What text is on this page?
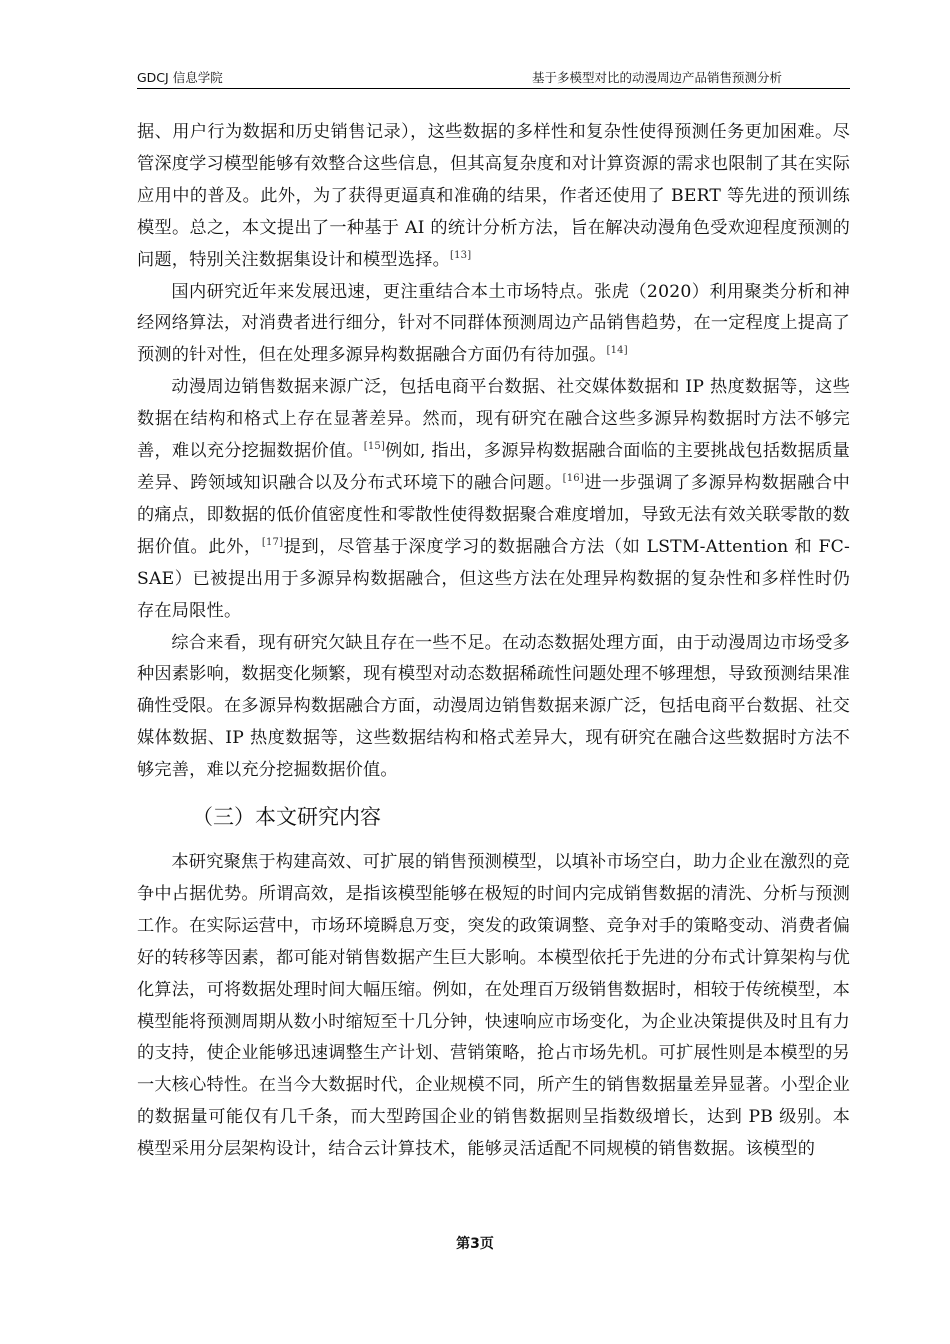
GDCJ 信息学院	基于多模型对比的动漫周边产品销售预测分析

据、用户行为数据和历史销售记录），这些数据的多样性和复杂性使得预测任务更加困难。尽管深度学习模型能够有效整合这些信息，但其高复杂度和对计算资源的需求也限制了其在实际应用中的普及。此外，为了获得更逼真和准确的结果，作者还使用了 BERT 等先进的预训练模型。总之，本文提出了一种基于 AI 的统计分析方法，旨在解决动漫角色受欢迎程度预测的问题，特别关注数据集设计和模型选择。[13]

国内研究近年来发展迅速，更注重结合本土市场特点。张虎（2020）利用聚类分析和神经网络算法，对消费者进行细分，针对不同群体预测周边产品销售趋势，在一定程度上提高了预测的针对性，但在处理多源异构数据融合方面仍有待加强。[14]

动漫周边销售数据来源广泛，包括电商平台数据、社交媒体数据和 IP 热度数据等，这些数据在结构和格式上存在显著差异。然而，现有研究在融合这些多源异构数据时方法不够完善，难以充分挖掘数据价值。[15]例如, 指出，多源异构数据融合面临的主要挑战包括数据质量差异、跨领域知识融合以及分布式环境下的融合问题。[16]进一步强调了多源异构数据融合中的痛点，即数据的低价值密度性和零散性使得数据聚合难度增加，导致无法有效关联零散的数据价值。此外，[17]提到，尽管基于深度学习的数据融合方法（如 LSTM-Attention 和 FC-SAE）已被提出用于多源异构数据融合，但这些方法在处理异构数据的复杂性和多样性时仍存在局限性。

综合来看，现有研究欠缺且存在一些不足。在动态数据处理方面，由于动漫周边市场受多种因素影响，数据变化频繁，现有模型对动态数据稀疏性问题处理不够理想，导致预测结果准确性受限。在多源异构数据融合方面，动漫周边销售数据来源广泛，包括电商平台数据、社交媒体数据、IP 热度数据等，这些数据结构和格式差异大，现有研究在融合这些数据时方法不够完善，难以充分挖掘数据价值。

（三）本文研究内容

本研究聚焦于构建高效、可扩展的销售预测模型，以填补市场空白，助力企业在激烈的竞争中占据优势。所谓高效，是指该模型能够在极短的时间内完成销售数据的清洗、分析与预测工作。在实际运营中，市场环境瞬息万变，突发的政策调整、竞争对手的策略变动、消费者偏好的转移等因素，都可能对销售数据产生巨大影响。本模型依托于先进的分布式计算架构与优化算法，可将数据处理时间大幅压缩。例如，在处理百万级销售数据时，相较于传统模型，本模型能将预测周期从数小时缩短至十几分钟，快速响应市场变化，为企业决策提供及时且有力的支持，使企业能够迅速调整生产计划、营销策略，抢占市场先机。可扩展性则是本模型的另一大核心特性。在当今大数据时代，企业规模不同，所产生的销售数据量差异显著。小型企业的数据量可能仅有几千条，而大型跨国企业的销售数据则呈指数级增长，达到 PB 级别。本模型采用分层架构设计，结合云计算技术，能够灵活适配不同规模的销售数据。该模型的

第3页
